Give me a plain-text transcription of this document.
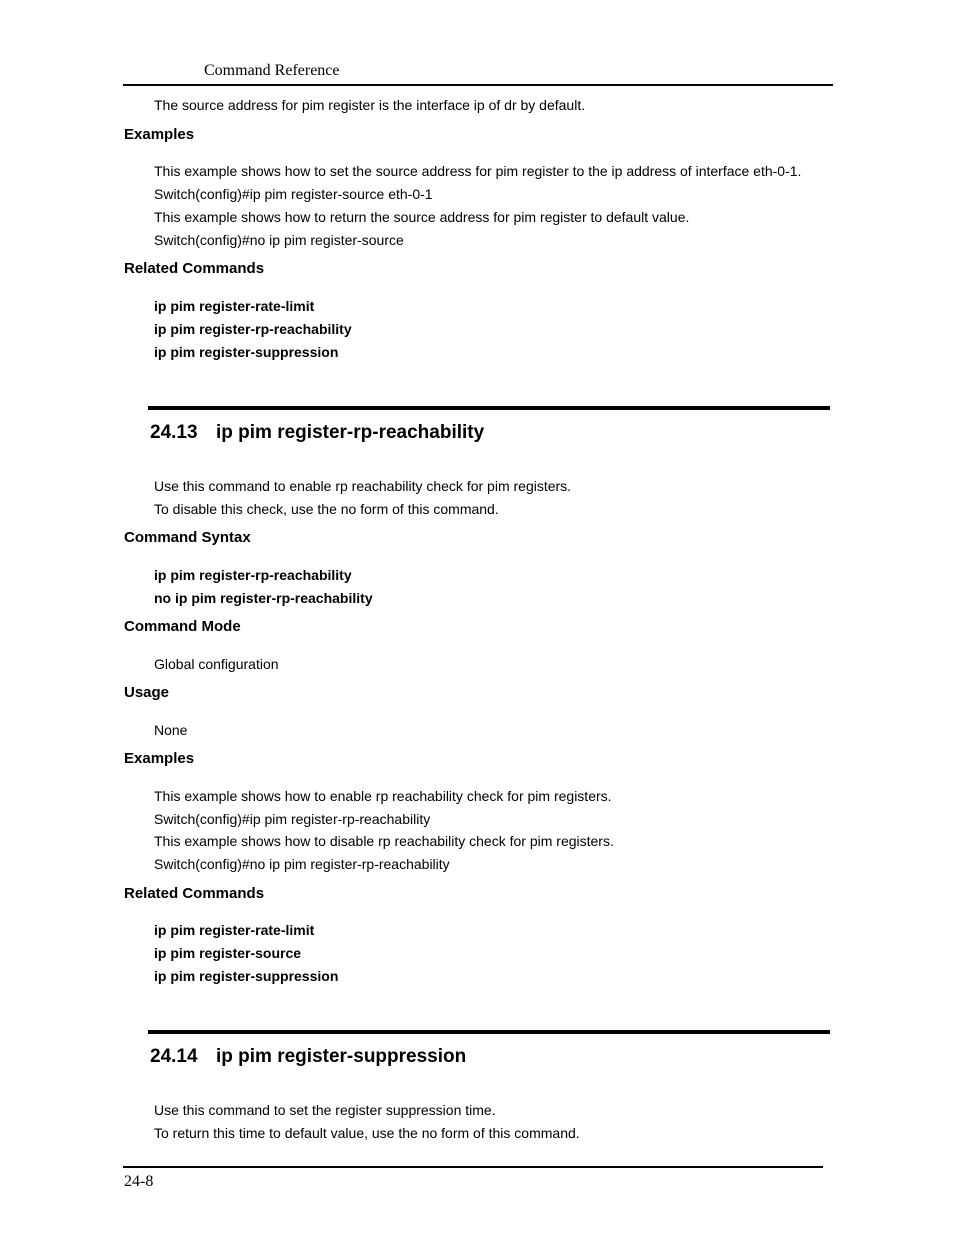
Command Reference
The source address for pim register is the interface ip of dr by default.
Examples
This example shows how to set the source address for pim register to the ip address of interface eth-0-1.
Switch(config)#ip pim register-source eth-0-1
This example shows how to return the source address for pim register to default value.
Switch(config)#no ip pim register-source
Related Commands
ip pim register-rate-limit
ip pim register-rp-reachability
ip pim register-suppression
24.13 ip pim register-rp-reachability
Use this command to enable rp reachability check for pim registers.
To disable this check, use the no form of this command.
Command Syntax
ip pim register-rp-reachability
no ip pim register-rp-reachability
Command Mode
Global configuration
Usage
None
Examples
This example shows how to enable rp reachability check for pim registers.
Switch(config)#ip pim register-rp-reachability
This example shows how to disable rp reachability check for pim registers.
Switch(config)#no ip pim register-rp-reachability
Related Commands
ip pim register-rate-limit
ip pim register-source
ip pim register-suppression
24.14 ip pim register-suppression
Use this command to set the register suppression time.
To return this time to default value, use the no form of this command.
24-8
